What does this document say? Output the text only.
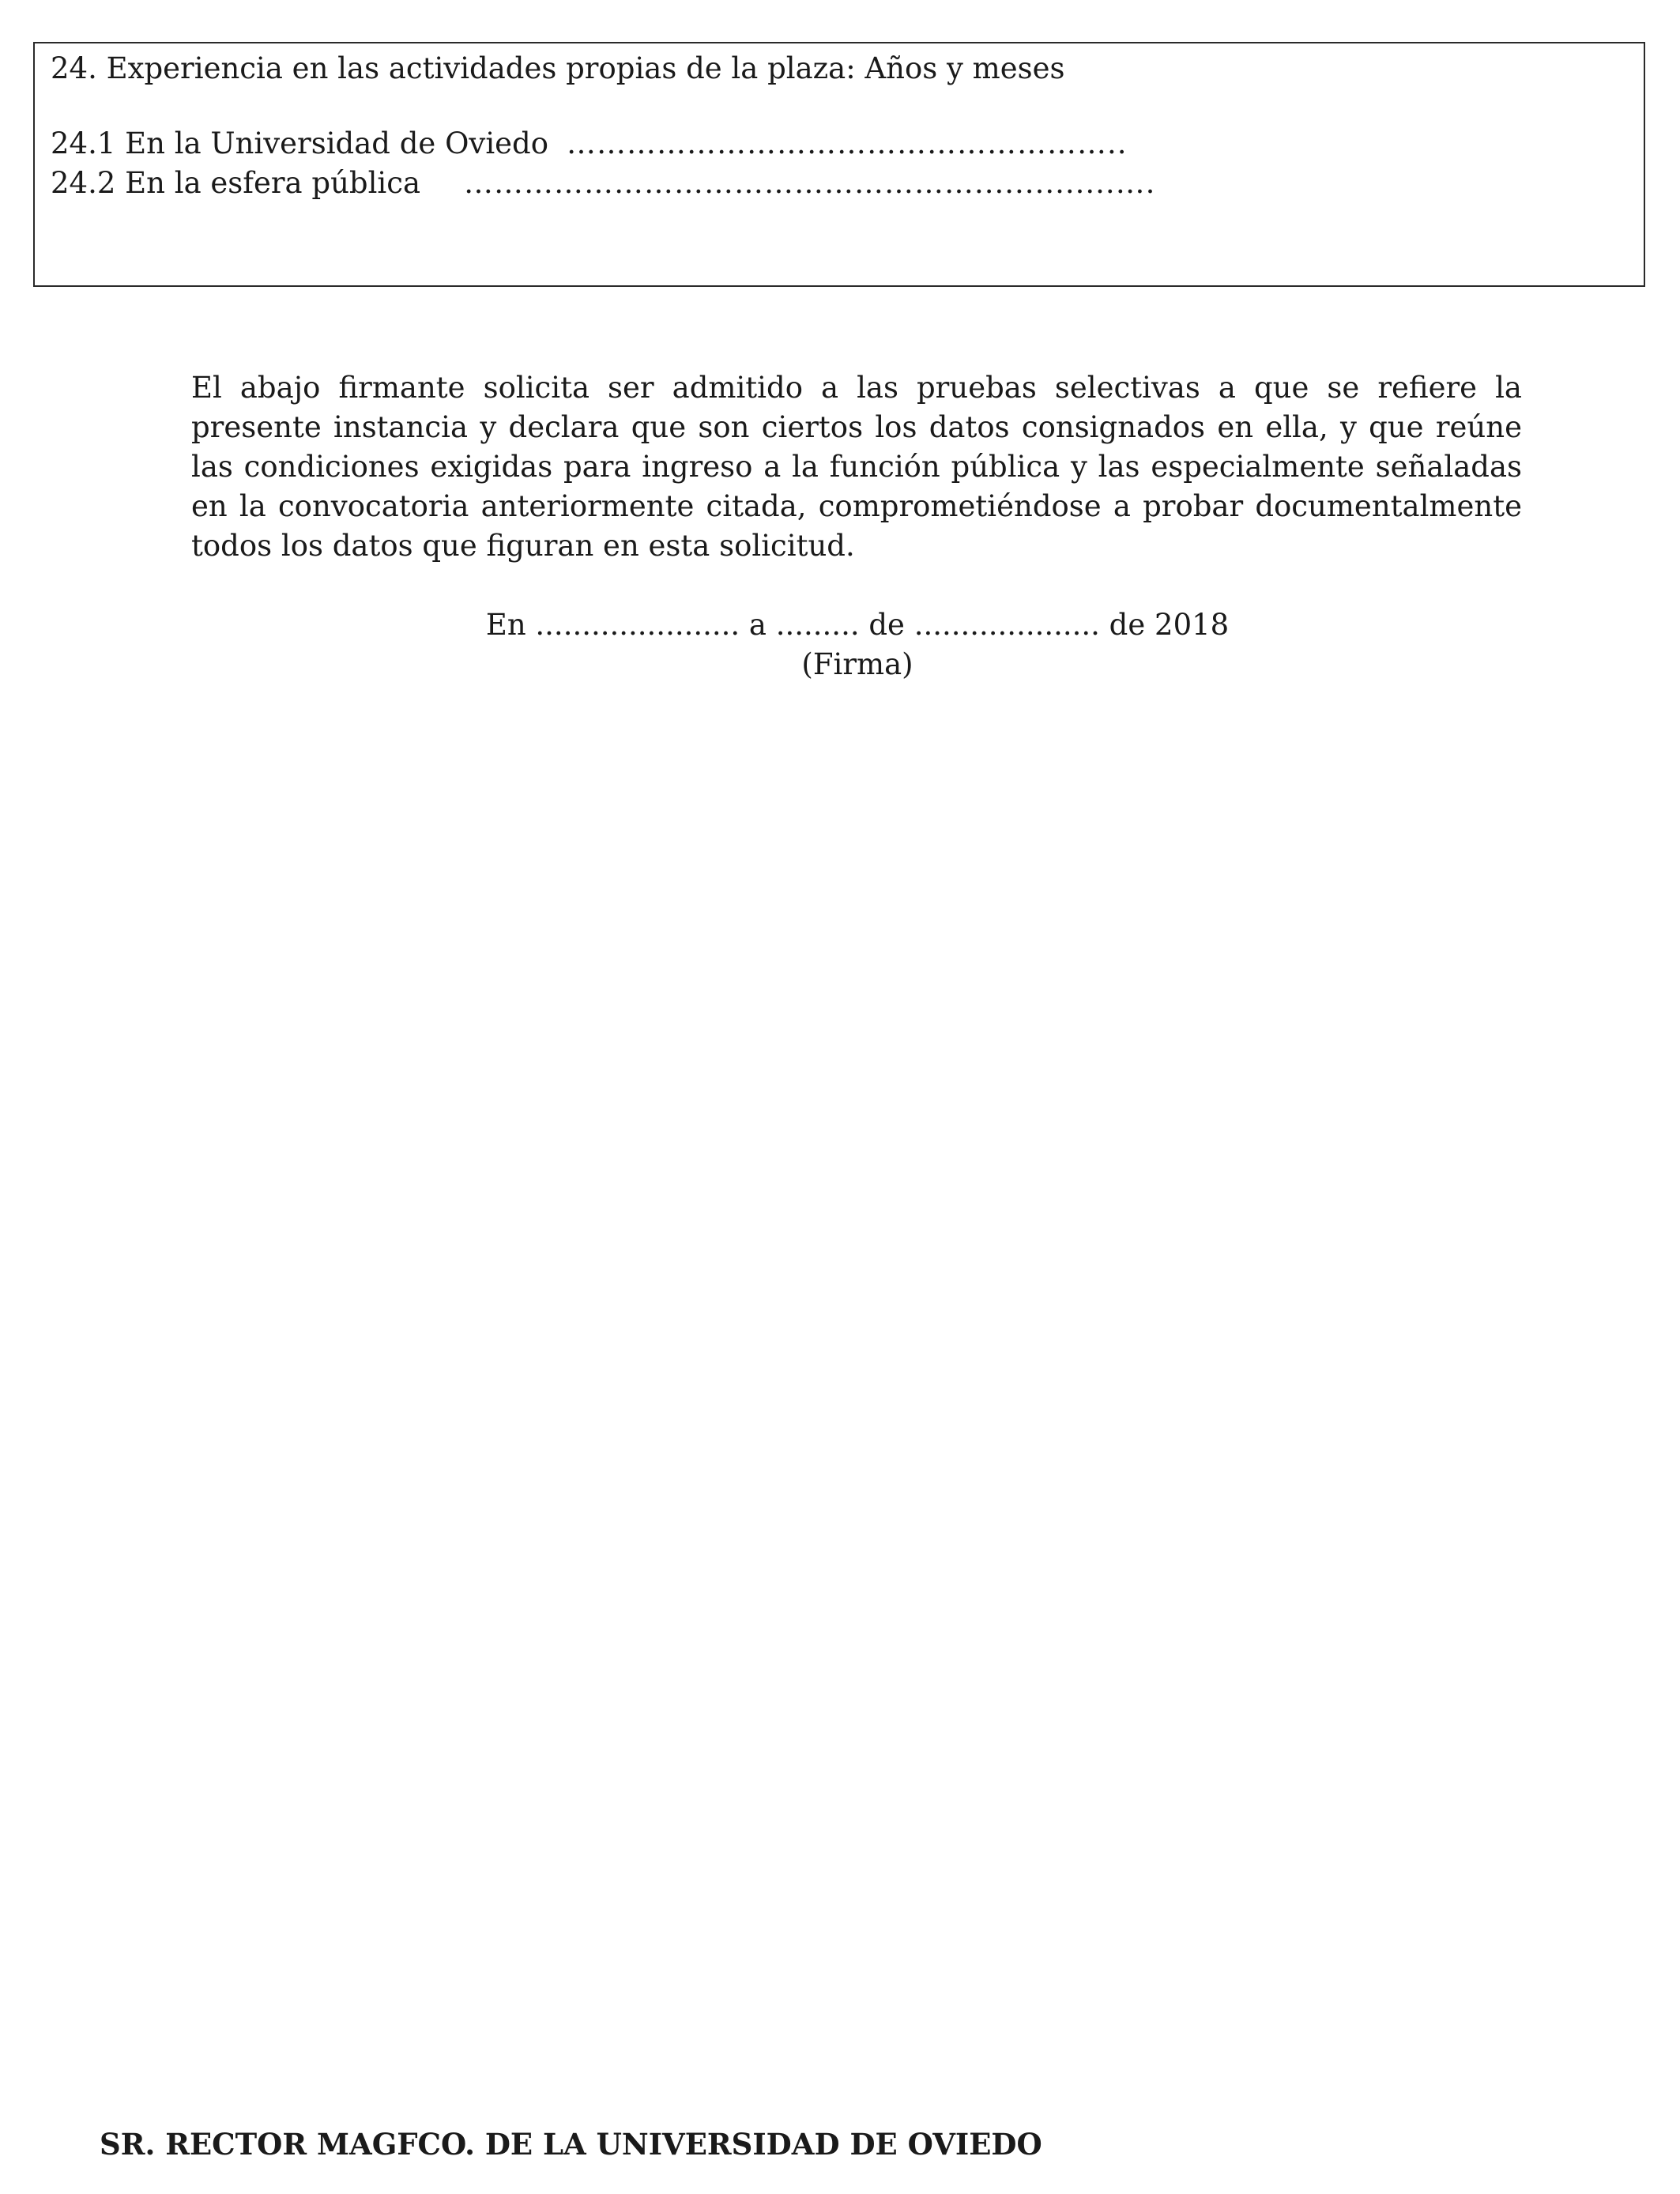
24. Experiencia en las actividades propias de la plaza: Años y meses
24.1 En la Universidad de Oviedo ………………………………………………..
24.2 En la esfera pública ……………………………………………..............….

El abajo firmante solicita ser admitido a las pruebas selectivas a que se refiere la presente instancia y declara que son ciertos los datos consignados en ella, y que reúne las condiciones exigidas para ingreso a la función pública y las especialmente señaladas en la convocatoria anteriormente citada, comprometiéndose a probar documentalmente todos los datos que figuran en esta solicitud.

En ...................... a ......... de .................... de 2018
(Firma)
SR. RECTOR MAGFCO. DE LA UNIVERSIDAD DE OVIEDO
